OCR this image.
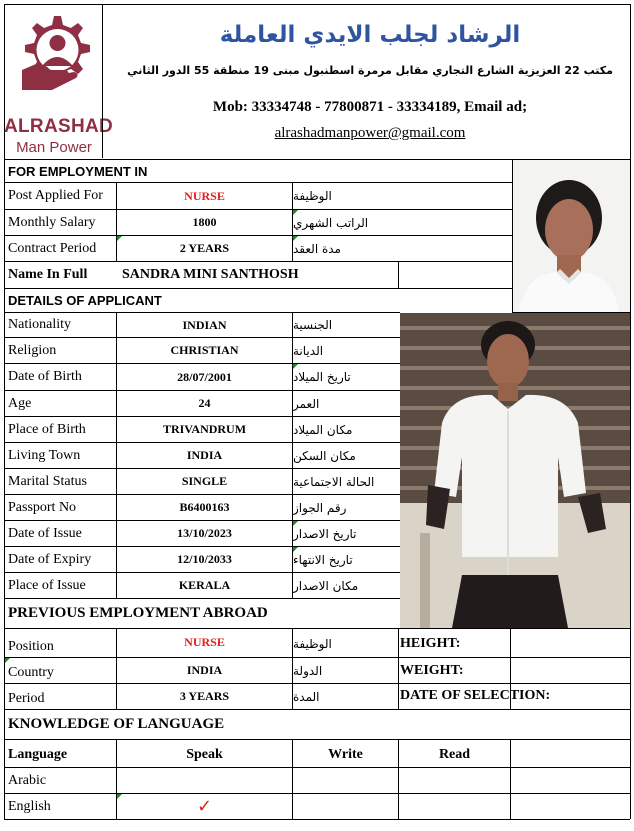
ALRASHAD
Man Power
الرشاد لجلب الايدي العاملة
مكتب 22 العزيزية الشارع التجاري مقابل مرمرة اسطنبول مبنى 19 منطقة 55 الدور الثاني
Mob: 33334748 - 77800871 - 33334189, Email ad;
alrashadmanpower@gmail.com
FOR EMPLOYMENT IN
Post Applied For	NURSE	الوظيفة
Monthly Salary	1800	الراتب الشهري
Contract Period	2 YEARS	مدة العقد
Name In Full	SANDRA MINI SANTHOSH
DETAILS OF APPLICANT
Nationality	INDIAN	الجنسية
Religion	CHRISTIAN	الديانة
Date of Birth	28/07/2001	تاريخ الميلاد
Age	24	العمر
Place of Birth	TRIVANDRUM	مكان الميلاد
Living Town	INDIA	مكان السكن
Marital Status	SINGLE	الحالة الاجتماعية
Passport No	B6400163	رقم الجواز
Date of Issue	13/10/2023	تاريخ الاصدار
Date of Expiry	12/10/2033	تاريخ الانتهاء
Place of Issue	KERALA	مكان الاصدار
PREVIOUS EMPLOYMENT ABROAD
Position	NURSE	الوظيفة	HEIGHT:
Country	INDIA	الدولة	WEIGHT:
Period	3 YEARS	المدة	DATE OF SELECTION:
KNOWLEDGE OF LANGUAGE
Language	Speak	Write	Read
Arabic
English	✓
